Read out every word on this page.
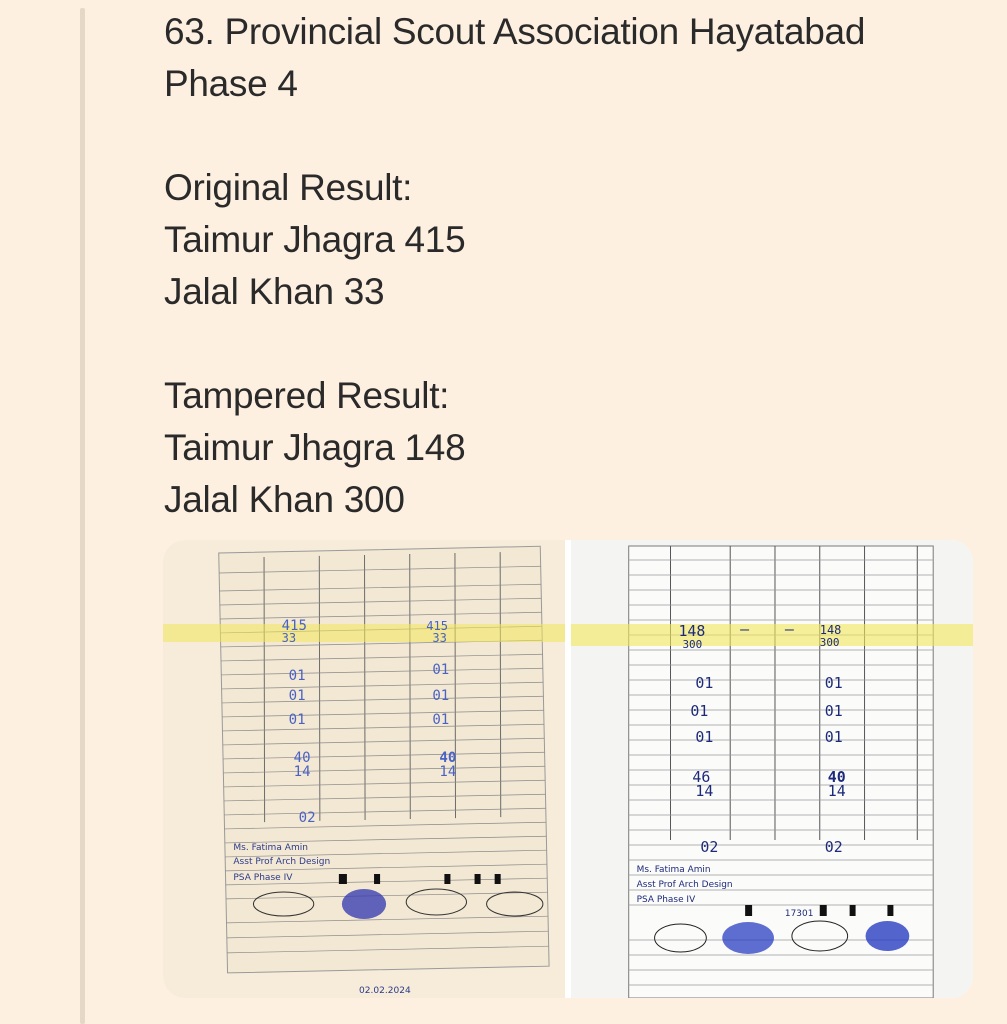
63. Provincial Scout Association Hayatabad
Phase 4
Original Result:
Taimur Jhagra 415
Jalal Khan 33
Tampered Result:
Taimur Jhagra 148
Jalal Khan 300
415
33
415
33
01	01
01	01
01	01
40	40
14	14
02
Ms. Fatima Amin
Asst Prof Arch Design
PSA Phase IV
02.02.2024
148
300
148
300
— —
01	01
01	01
01	01
46	40
14	14
02	02
Ms. Fatima Amin
Asst Prof Arch Design
PSA Phase IV
17301
